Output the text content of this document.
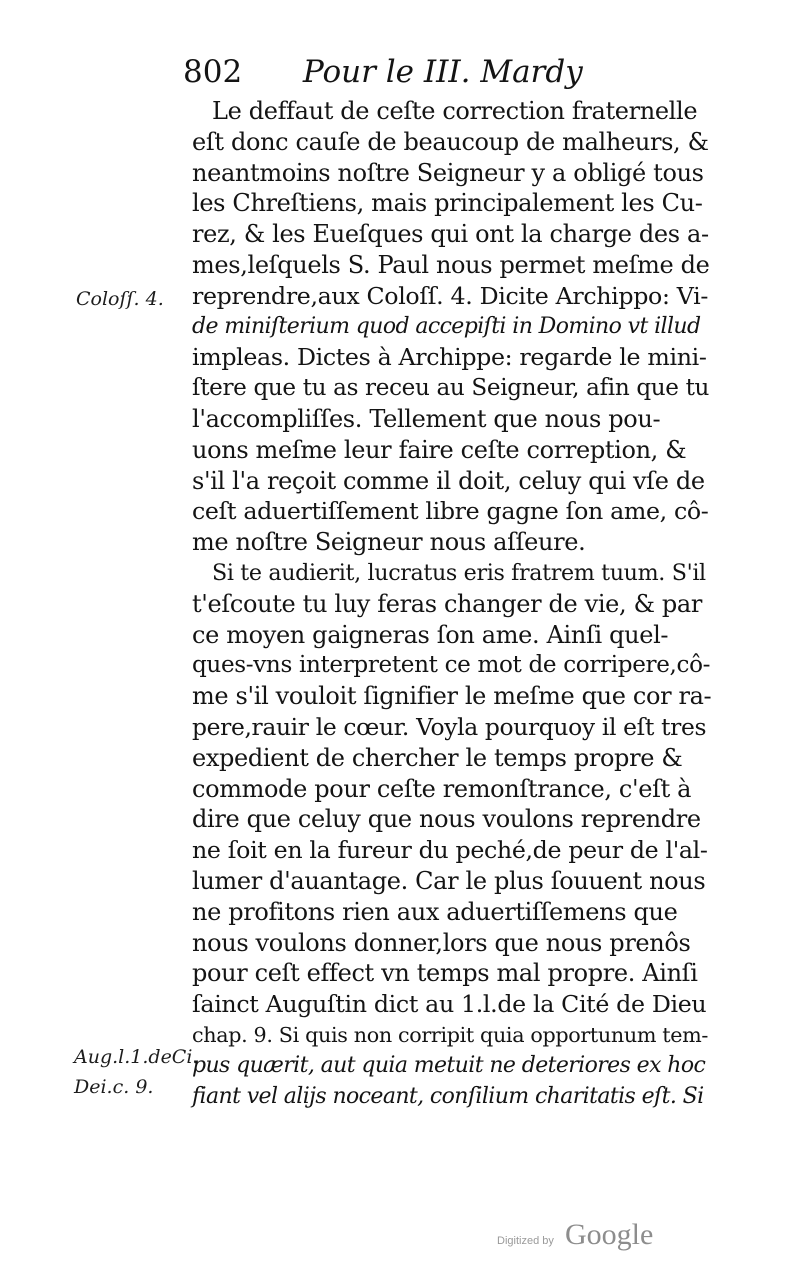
802 Pour le III. Mardy
Coloſſ. 4.
Aug.l.1.deCi.
Dei.c. 9.
Le deffaut de ceſte correction fraternelle
eſt donc cauſe de beaucoup de malheurs, &
neantmoins noſtre Seigneur y a obligé tous
les Chreſtiens, mais principalement les Cu-
rez, & les Eueſques qui ont la charge des a-
mes,leſquels S. Paul nous permet meſme de
reprendre,aux Coloſſ. 4. Dicite Archippo: Vi-
de miniſterium quod accepiſti in Domino vt illud
impleas. Dictes à Archippe: regarde le mini-
ſtere que tu as receu au Seigneur, afin que tu
l'accompliſſes. Tellement que nous pou-
uons meſme leur faire ceſte correption, &
s'il l'a reçoit comme il doit, celuy qui vſe de
ceſt aduertiſſement libre gagne ſon ame, cô-
me noſtre Seigneur nous aſſeure.
Si te audierit, lucratus eris fratrem tuum. S'il
t'eſcoute tu luy feras changer de vie, & par
ce moyen gaigneras ſon ame. Ainſi quel-
ques-vns interpretent ce mot de corripere,cô-
me s'il vouloit ſignifier le meſme que cor ra-
pere,rauir le cœur. Voyla pourquoy il eſt tres
expedient de chercher le temps propre &
commode pour ceſte remonſtrance, c'eſt à
dire que celuy que nous voulons reprendre
ne ſoit en la fureur du peché,de peur de l'al-
lumer d'auantage. Car le plus ſouuent nous
ne profitons rien aux aduertiſſemens que
nous voulons donner,lors que nous prenôs
pour ceſt effect vn temps mal propre. Ainſi
ſainct Auguſtin dict au 1.l.de la Cité de Dieu
chap. 9. Si quis non corripit quia opportunum tem-
pus quærit, aut quia metuit ne deteriores ex hoc
fiant vel alijs noceant, conſilium charitatis eſt. Si
Digitized by Google
